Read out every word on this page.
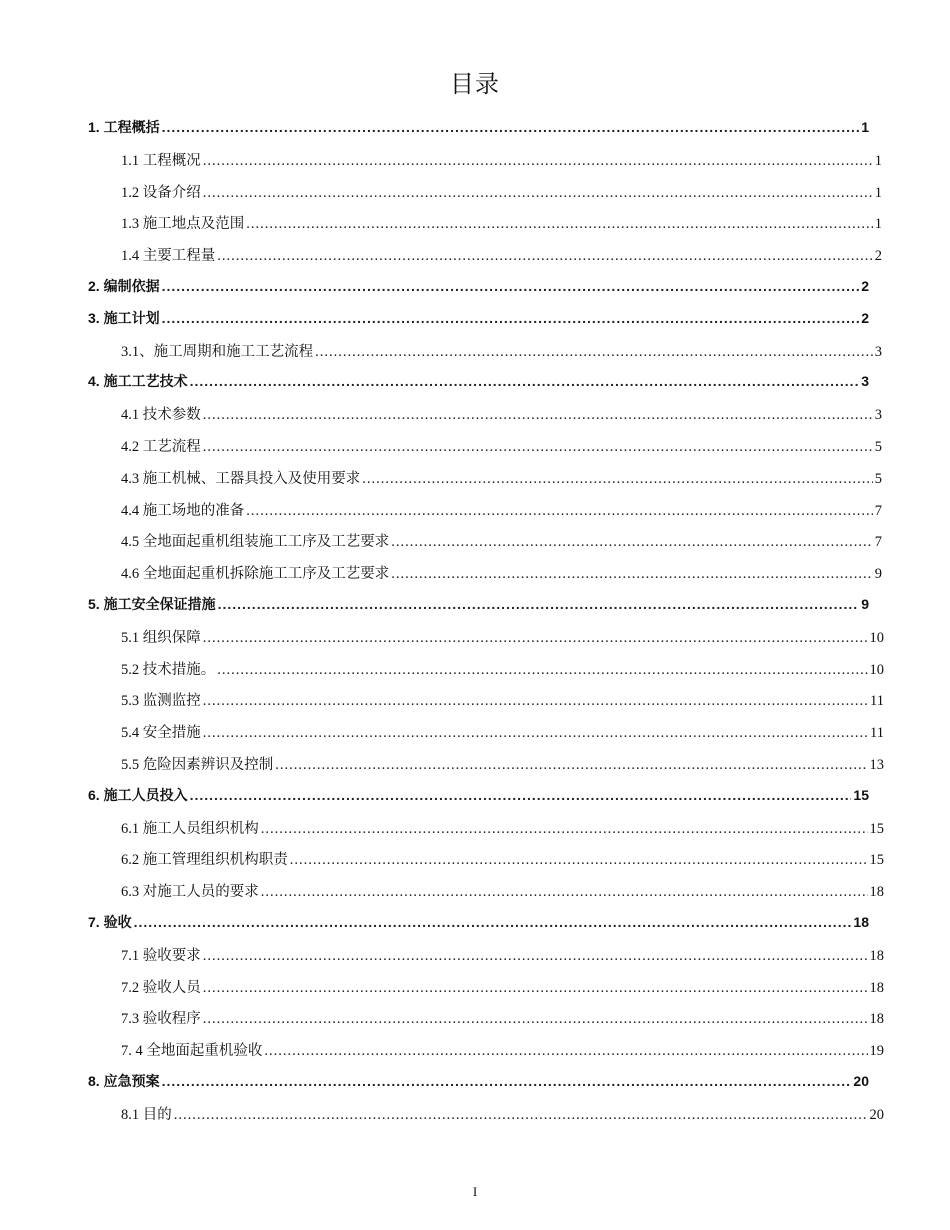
目录
1. 工程概括 .....	1
1.1 工程概况 .....	1
1.2 设备介绍 .....	1
1.3 施工地点及范围 .....	1
1.4 主要工程量 .....	2
2. 编制依据 .....	2
3. 施工计划 .....	2
3.1、施工周期和施工工艺流程 .....	3
4. 施工工艺技术 .....	3
4.1 技术参数 .....	3
4.2 工艺流程 .....	5
4.3 施工机械、工器具投入及使用要求 .....	5
4.4 施工场地的准备 .....	7
4.5 全地面起重机组装施工工序及工艺要求 .....	7
4.6 全地面起重机拆除施工工序及工艺要求 .....	9
5. 施工安全保证措施 .....	9
5.1 组织保障 .....	10
5.2 技术措施。 .....	10
5.3 监测监控 .....	11
5.4 安全措施 .....	11
5.5 危险因素辨识及控制 .....	13
6. 施工人员投入 .....	15
6.1 施工人员组织机构 .....	15
6.2 施工管理组织机构职责 .....	15
6.3 对施工人员的要求 .....	18
7. 验收 .....	18
7.1 验收要求 .....	18
7.2 验收人员 .....	18
7.3 验收程序 .....	18
7. 4 全地面起重机验收 .....	19
8. 应急预案 .....	20
8.1 目的 .....	20
I
